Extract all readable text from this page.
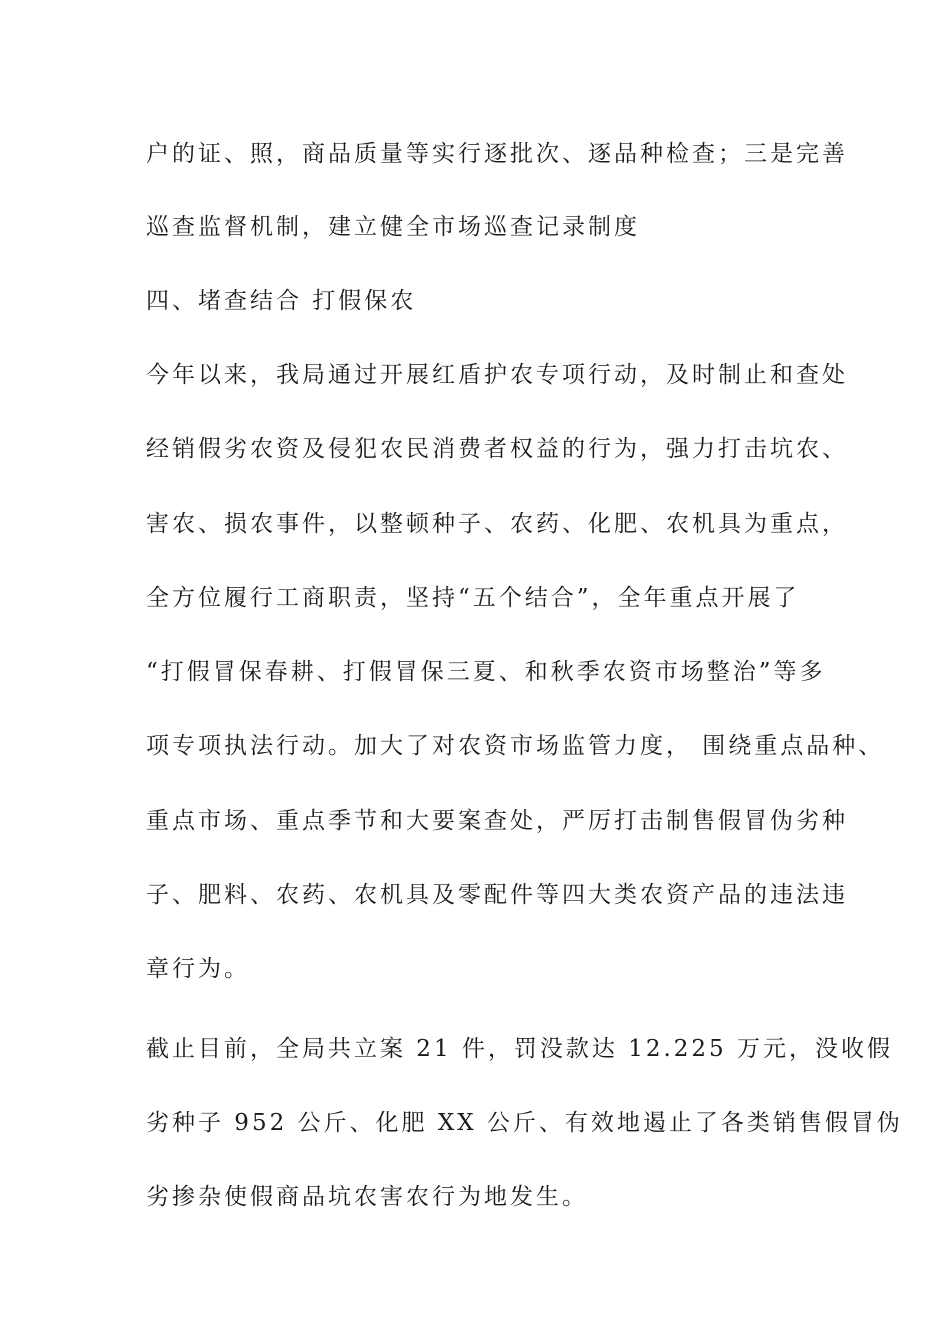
户的证、照，商品质量等实行逐批次、逐品种检查；三是完善
巡查监督机制，建立健全市场巡查记录制度
四、堵查结合 打假保农
今年以来，我局通过开展红盾护农专项行动，及时制止和查处
经销假劣农资及侵犯农民消费者权益的行为，强力打击坑农、
害农、损农事件，以整顿种子、农药、化肥、农机具为重点，
全方位履行工商职责，坚持“五个结合”，全年重点开展了
“打假冒保春耕、打假冒保三夏、和秋季农资市场整治”等多
项专项执法行动。加大了对农资市场监管力度， 围绕重点品种、
重点市场、重点季节和大要案查处，严厉打击制售假冒伪劣种
子、肥料、农药、农机具及零配件等四大类农资产品的违法违
章行为。
截止目前，全局共立案 21 件，罚没款达 12.225 万元，没收假
劣种子 952 公斤、化肥 XX 公斤、有效地遏止了各类销售假冒伪
劣掺杂使假商品坑农害农行为地发生。
